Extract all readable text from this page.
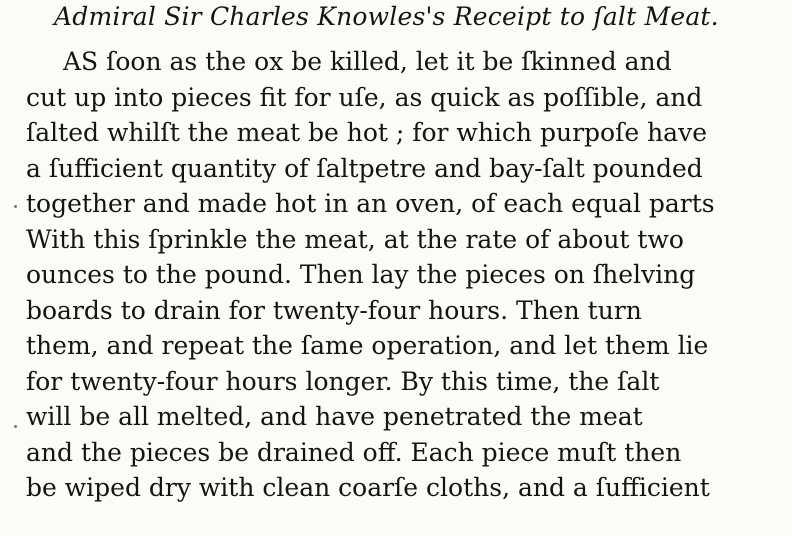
Admiral Sir Charles Knowles's Receipt to ſalt Meat.
AS ſoon as the ox be killed, let it be ſkinned and
cut up into pieces fit for uſe, as quick as poſſible, and
ſalted whilſt the meat be hot ; for which purpoſe have
a ſufficient quantity of ſaltpetre and bay-ſalt pounded
together and made hot in an oven, of each equal parts
With this ſprinkle the meat, at the rate of about two
ounces to the pound. Then lay the pieces on ſhelving
boards to drain for twenty-four hours. Then turn
them, and repeat the ſame operation, and let them lie
for twenty-four hours longer. By this time, the ſalt
will be all melted, and have penetrated the meat
and the pieces be drained off. Each piece muſt then
be wiped dry with clean coarſe cloths, and a ſufficient
